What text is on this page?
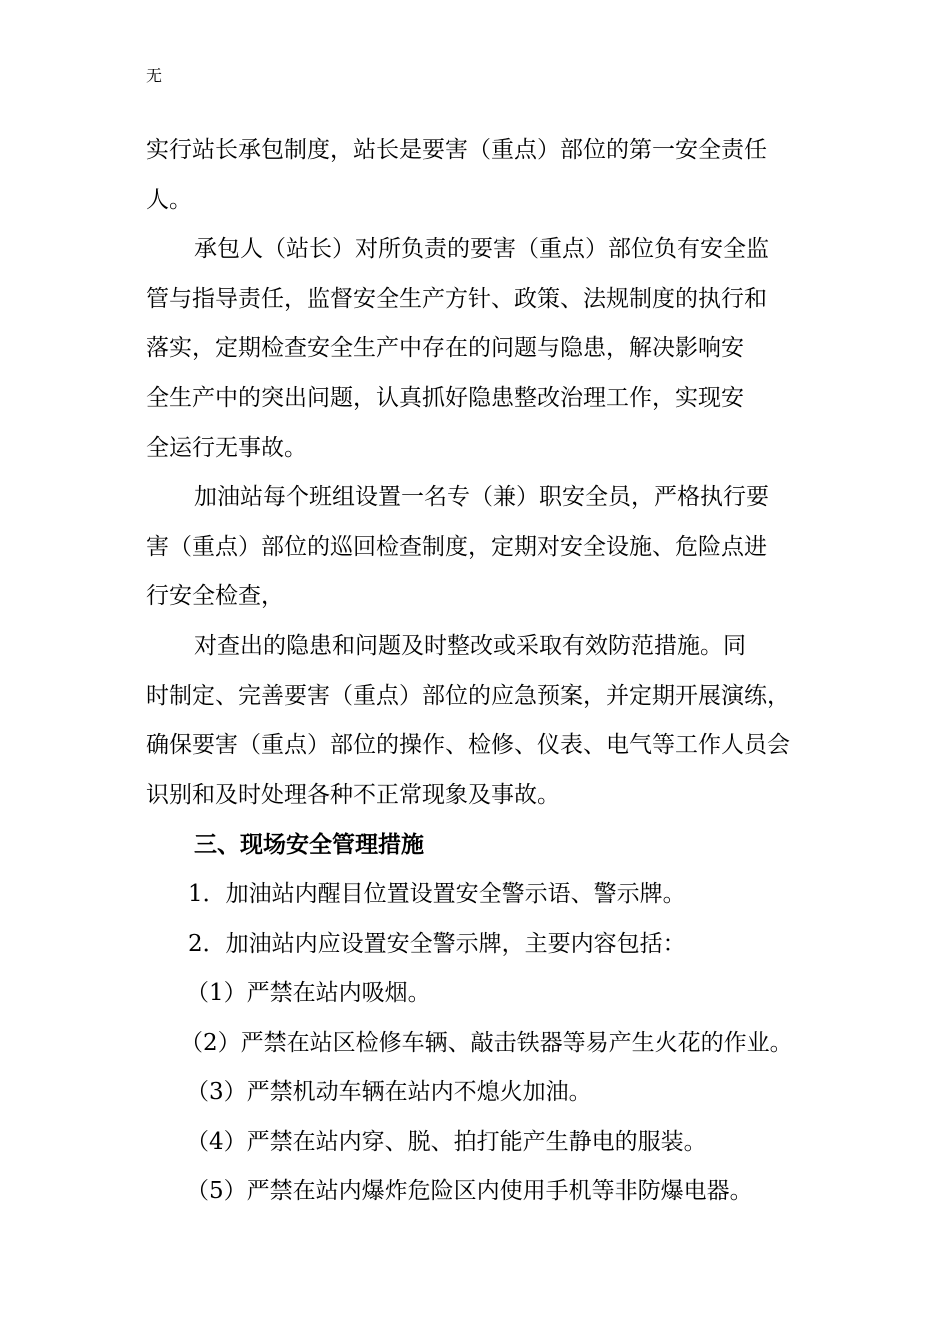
无
实行站长承包制度，站长是要害（重点）部位的第一安全责任
人。
承包人（站长）对所负责的要害（重点）部位负有安全监
管与指导责任，监督安全生产方针、政策、法规制度的执行和
落实，定期检查安全生产中存在的问题与隐患，解决影响安
全生产中的突出问题，认真抓好隐患整改治理工作，实现安
全运行无事故。
加油站每个班组设置一名专（兼）职安全员，严格执行要
害（重点）部位的巡回检查制度，定期对安全设施、危险点进
行安全检查，
对查出的隐患和问题及时整改或采取有效防范措施。同
时制定、完善要害（重点）部位的应急预案，并定期开展演练，
确保要害（重点）部位的操作、检修、仪表、电气等工作人员会
识别和及时处理各种不正常现象及事故。
三、现场安全管理措施
1．加油站内醒目位置设置安全警示语、警示牌。
2．加油站内应设置安全警示牌，主要内容包括：
（1）严禁在站内吸烟。
（2）严禁在站区检修车辆、敲击铁器等易产生火花的作业。
（3）严禁机动车辆在站内不熄火加油。
（4）严禁在站内穿、脱、拍打能产生静电的服装。
（5）严禁在站内爆炸危险区内使用手机等非防爆电器。
